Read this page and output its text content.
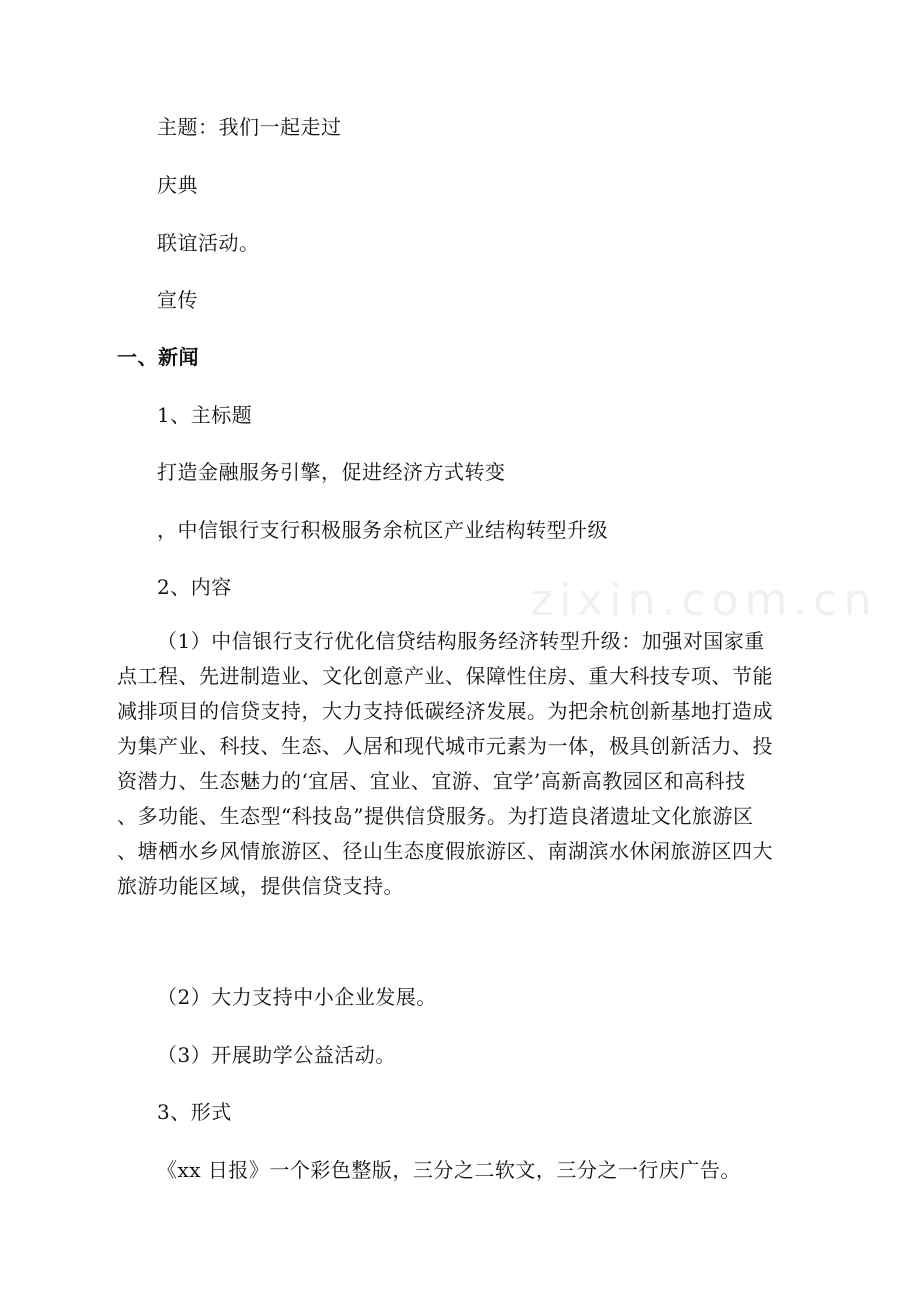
zixin.com.cn
主题：我们一起走过
庆典
联谊活动。
宣传
一、新闻
1、主标题
打造金融服务引擎，促进经济方式转变
，中信银行支行积极服务余杭区产业结构转型升级
2、内容
（1）中信银行支行优化信贷结构服务经济转型升级：加强对国家重
点工程、先进制造业、文化创意产业、保障性住房、重大科技专项、节能
减排项目的信贷支持，大力支持低碳经济发展。为把余杭创新基地打造成
为集产业、科技、生态、人居和现代城市元素为一体，极具创新活力、投
资潜力、生态魅力的‘宜居、宜业、宜游、宜学’高新高教园区和高科技
、多功能、生态型“科技岛”提供信贷服务。为打造良渚遗址文化旅游区
、塘栖水乡风情旅游区、径山生态度假旅游区、南湖滨水休闲旅游区四大
旅游功能区域，提供信贷支持。
（2）大力支持中小企业发展。
（3）开展助学公益活动。
3、形式
《xx 日报》一个彩色整版，三分之二软文，三分之一行庆广告。
